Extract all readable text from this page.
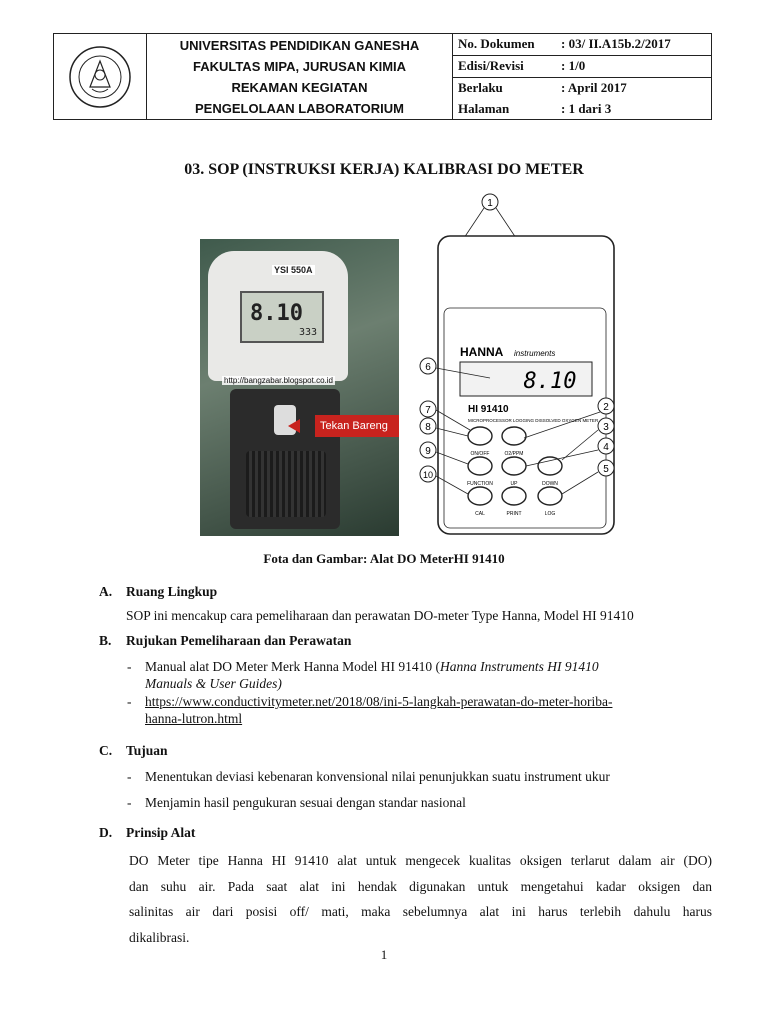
UNIVERSITAS PENDIDIKAN GANESHA
FAKULTAS MIPA, JURUSAN KIMIA
REKAMAN KEGIATAN
PENGELOLAAN LABORATORIUM
No. Dokumen	: 03/ II.A15b.2/2017
Edisi/Revisi	: 1/0
Berlaku	: April 2017
Halaman	: 1 dari 3
03. SOP (INSTRUKSI KERJA) KALIBRASI DO METER
YSI 550A
8.10
333
http://bangzabar.blogspot.co.id
Tekan Bareng
1
HANNA instruments
8.10
HI 91410
MICROPROCESSOR LOGGING DISSOLVED OXYGEN METER
ON/OFF	O2/PPM
FUNCTION	UP	DOWN
CAL	PRINT	LOG
6
7
8
9
10
2
3
4
5
Fota dan Gambar: Alat DO MeterHI 91410
A.	Ruang Lingkup
SOP ini mencakup cara pemeliharaan dan perawatan DO-meter Type Hanna, Model HI 91410
B.	Rujukan Pemeliharaan dan Perawatan
-	Manual alat DO Meter Merk Hanna Model HI 91410 (Hanna Instruments HI 91410
Manuals & User Guides)
-	https://www.conductivitymeter.net/2018/08/ini-5-langkah-perawatan-do-meter-horiba-
hanna-lutron.html
C.	Tujuan
-	Menentukan deviasi kebenaran konvensional nilai penunjukkan suatu instrument ukur
-	Menjamin hasil pengukuran sesuai dengan standar nasional
D.	Prinsip Alat
DO Meter tipe Hanna HI 91410 alat untuk mengecek kualitas oksigen terlarut dalam air (DO)
dan suhu air. Pada saat alat ini hendak digunakan untuk mengetahui kadar oksigen dan
salinitas air dari posisi off/ mati, maka sebelumnya alat ini harus terlebih dahulu harus
dikalibrasi.
1
